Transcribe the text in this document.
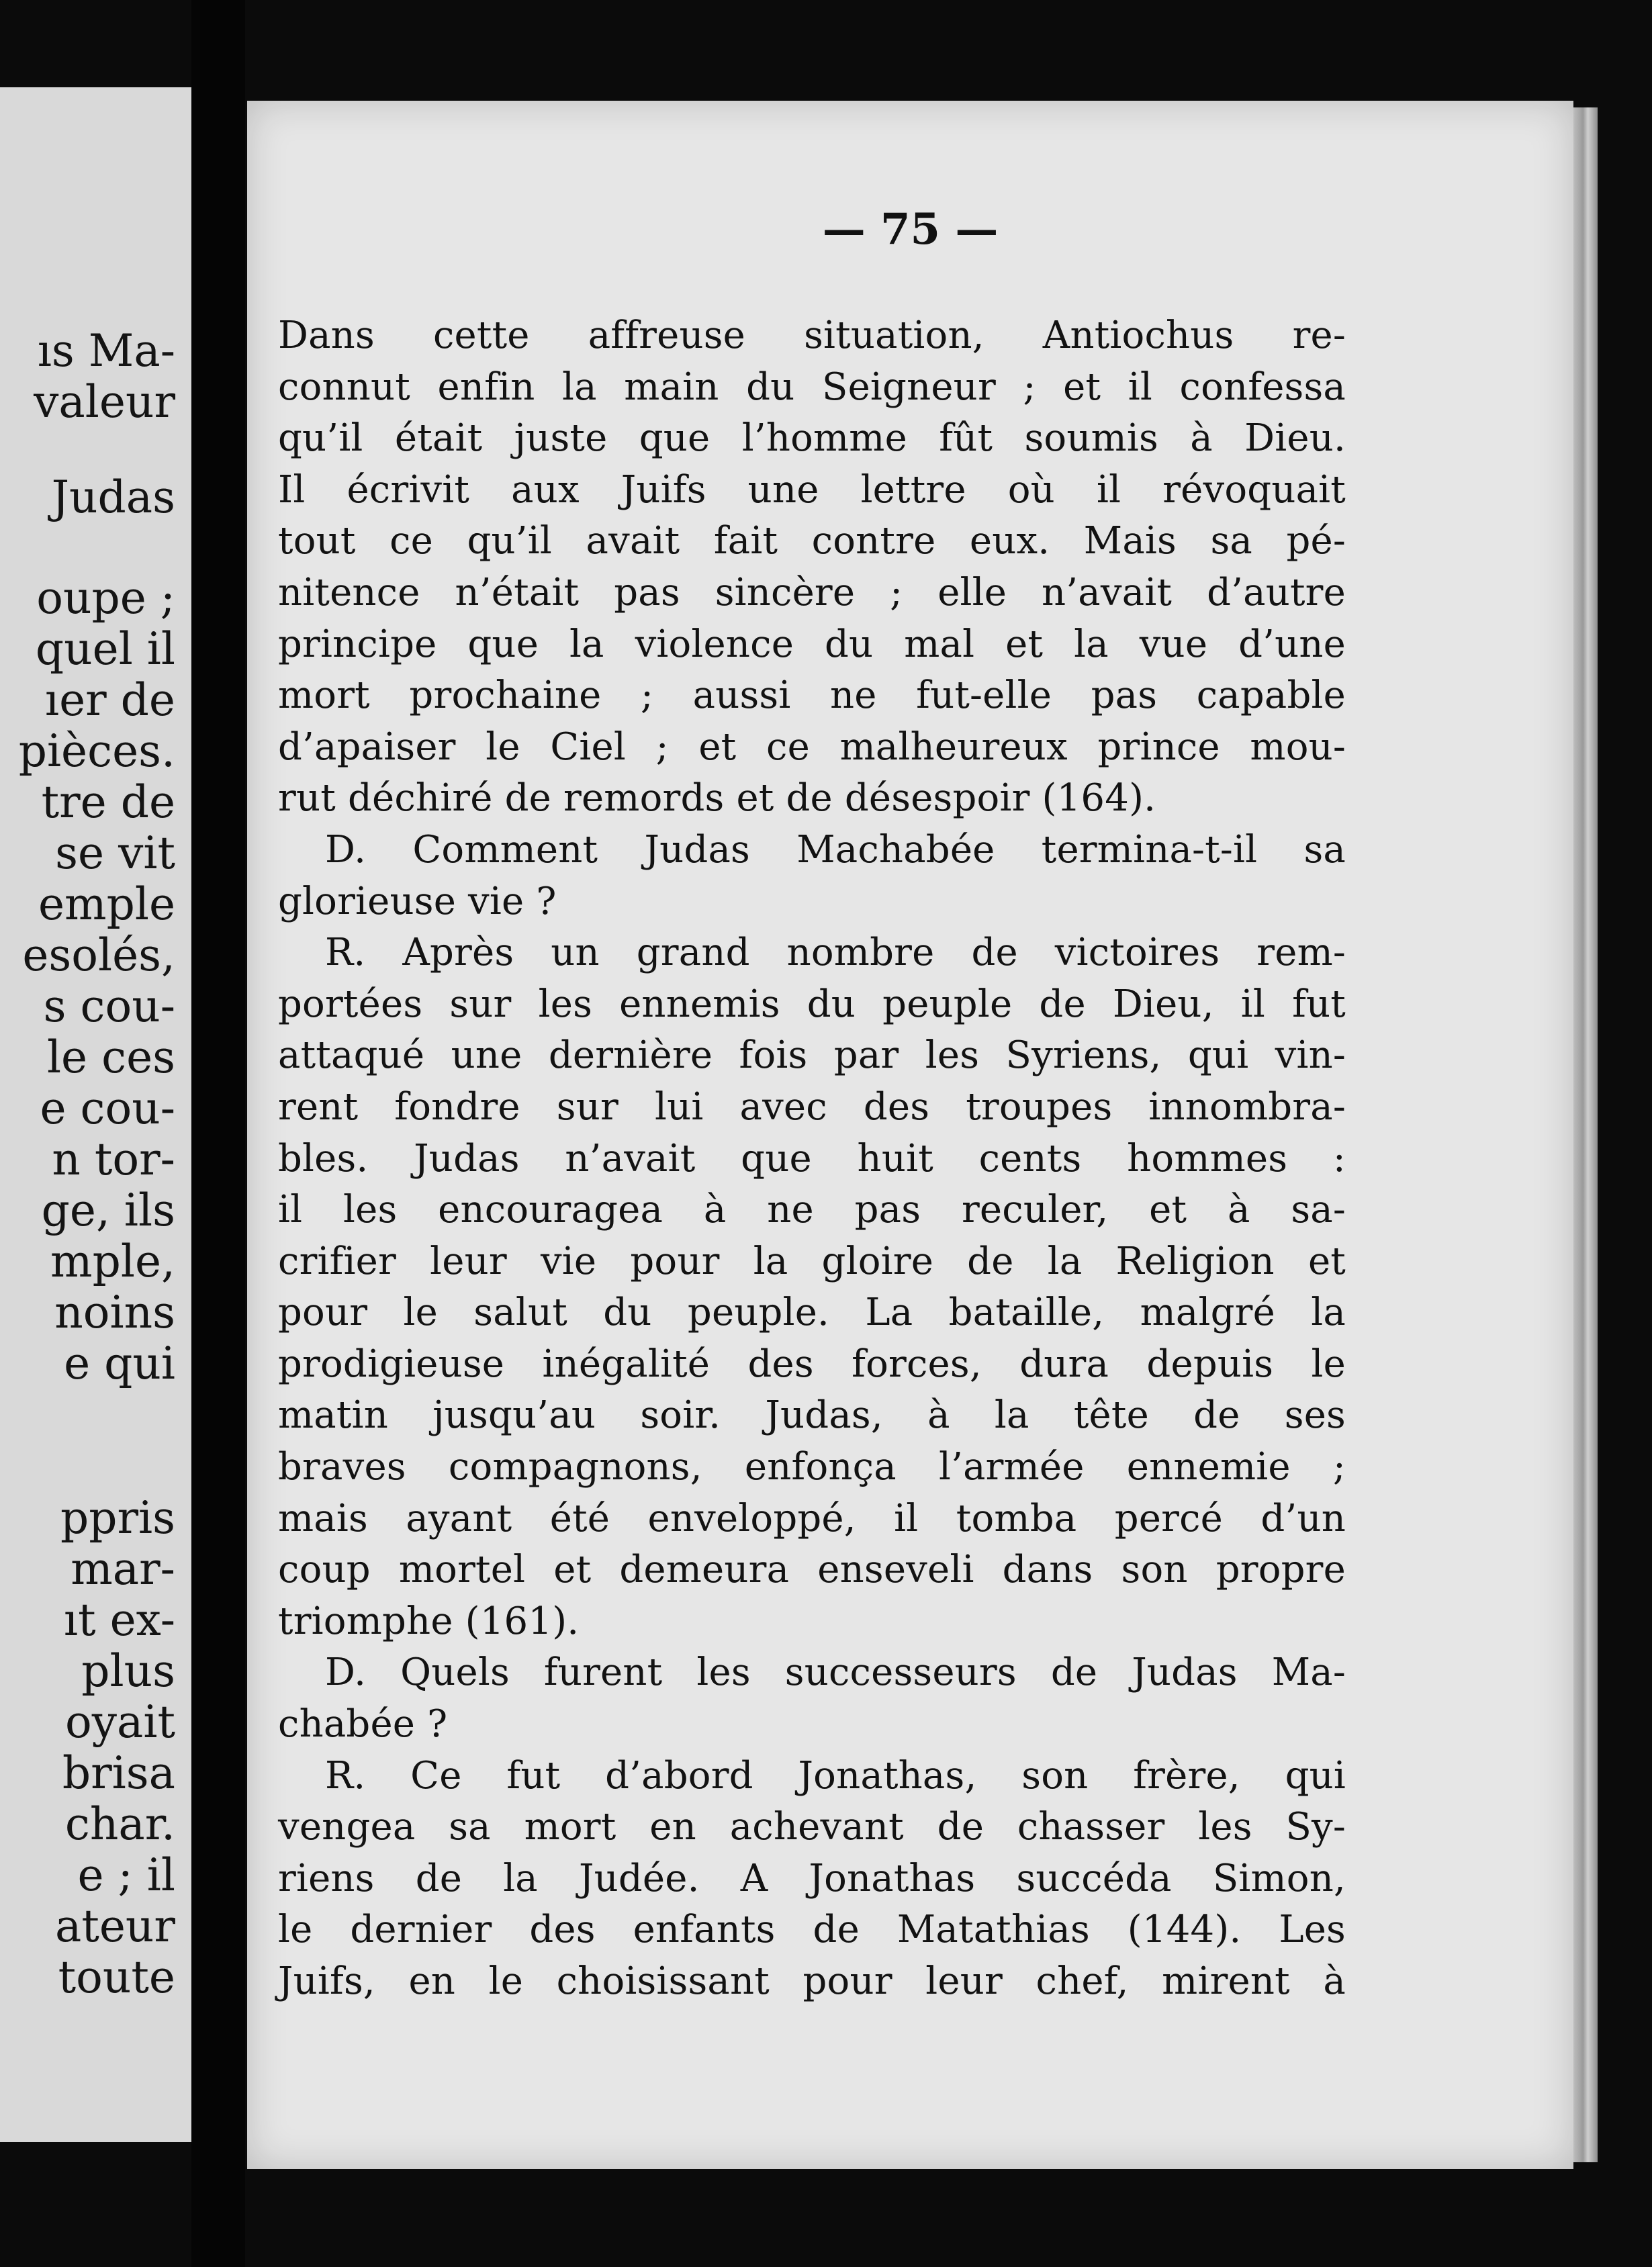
ıs Ma-

valeur

Judas

oupe ;

quel il

ıer de

pièces.

tre de

se vit

emple

esolés,

s cou-

le ces

e cou-

n tor-

ge, ils

mple,

noins

e qui

ppris

mar-

ıt ex-

plus

oyait

brisa

char.

e ; il

ateur

toute

— 75 —

Dans cette affreuse situation, Antiochus re-

connut enfin la main du Seigneur ; et il confessa

qu’il était juste que l’homme fût soumis à Dieu.

Il écrivit aux Juifs une lettre où il révoquait

tout ce qu’il avait fait contre eux. Mais sa pé-

nitence n’était pas sincère ; elle n’avait d’autre

principe que la violence du mal et la vue d’une

mort prochaine ; aussi ne fut-elle pas capable

d’apaiser le Ciel ; et ce malheureux prince mou-

rut déchiré de remords et de désespoir (164).

D. Comment Judas Machabée termina-t-il sa

glorieuse vie ?

R. Après un grand nombre de victoires rem-

portées sur les ennemis du peuple de Dieu, il fut

attaqué une dernière fois par les Syriens, qui vin-

rent fondre sur lui avec des troupes innombra-

bles. Judas n’avait que huit cents hommes :

il les encouragea à ne pas reculer, et à sa-

crifier leur vie pour la gloire de la Religion et

pour le salut du peuple. La bataille, malgré la

prodigieuse inégalité des forces, dura depuis le

matin jusqu’au soir. Judas, à la tête de ses

braves compagnons, enfonça l’armée ennemie ;

mais ayant été enveloppé, il tomba percé d’un

coup mortel et demeura enseveli dans son propre

triomphe (161).

D. Quels furent les successeurs de Judas Ma-

chabée ?

R. Ce fut d’abord Jonathas, son frère, qui

vengea sa mort en achevant de chasser les Sy-

riens de la Judée. A Jonathas succéda Simon,

le dernier des enfants de Matathias (144). Les

Juifs, en le choisissant pour leur chef, mirent à
